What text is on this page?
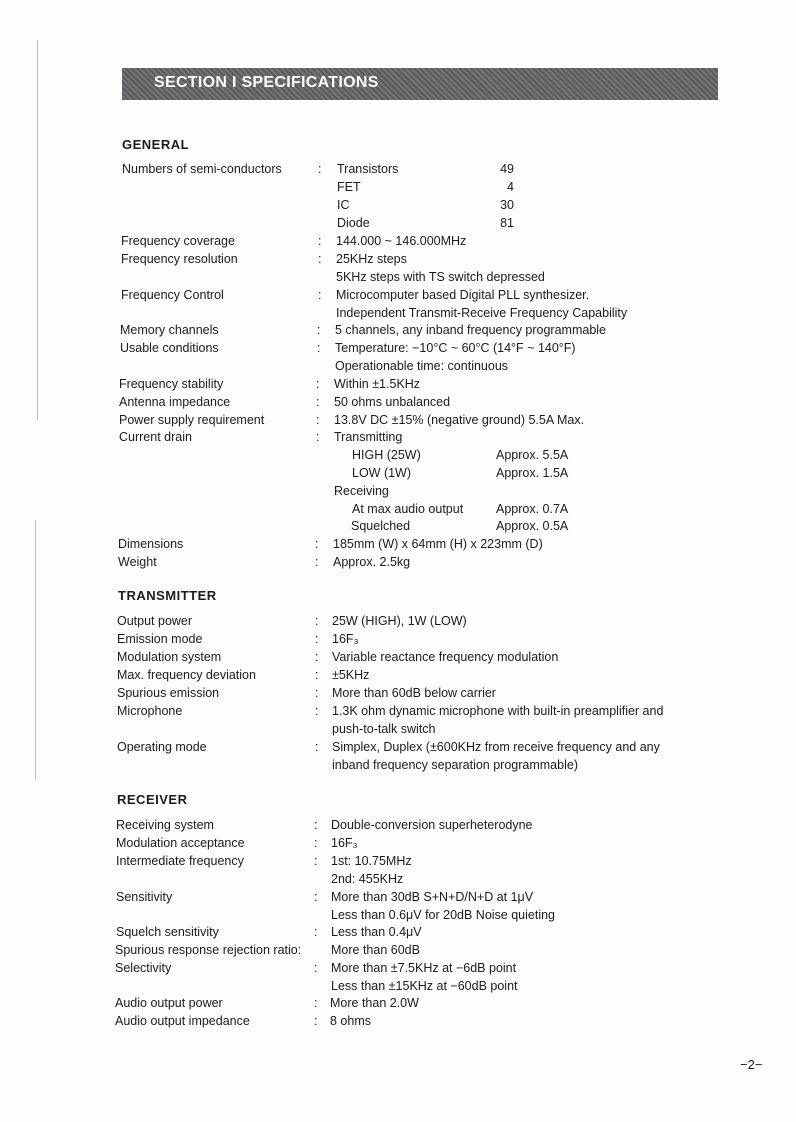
SECTION I SPECIFICATIONS
GENERAL
Numbers of semi-conductors	: Transistors	49
FET	4
IC	30
Diode	81
Frequency coverage	: 144.000 ~ 146.000MHz
Frequency resolution	: 25KHz steps
5KHz steps with TS switch depressed
Frequency Control	: Microcomputer based Digital PLL synthesizer.
Independent Transmit-Receive Frequency Capability
Memory channels	: 5 channels, any inband frequency programmable
Usable conditions	: Temperature: −10°C ~ 60°C (14°F ~ 140°F)
Operationable time: continuous
Frequency stability	: Within ±1.5KHz
Antenna impedance	: 50 ohms unbalanced
Power supply requirement	: 13.8V DC ±15% (negative ground) 5.5A Max.
Current drain	: Transmitting
HIGH (25W)	Approx. 5.5A
LOW (1W)	Approx. 1.5A
Receiving
At max audio output	Approx. 0.7A
Squelched	Approx. 0.5A
Dimensions	: 185mm (W) x 64mm (H) x 223mm (D)
Weight	: Approx. 2.5kg
TRANSMITTER
Output power	: 25W (HIGH), 1W (LOW)
Emission mode	: 16F₃
Modulation system	: Variable reactance frequency modulation
Max. frequency deviation	: ±5KHz
Spurious emission	: More than 60dB below carrier
Microphone	: 1.3K ohm dynamic microphone with built-in preamplifier and
push-to-talk switch
Operating mode	: Simplex, Duplex (±600KHz from receive frequency and any
inband frequency separation programmable)
RECEIVER
Receiving system	: Double-conversion superheterodyne
Modulation acceptance	: 16F₃
Intermediate frequency	: 1st: 10.75MHz
2nd: 455KHz
Sensitivity	: More than 30dB S+N+D/N+D at 1μV
Less than 0.6μV for 20dB Noise quieting
Squelch sensitivity	: Less than 0.4μV
Spurious response rejection ratio: More than 60dB
Selectivity	: More than ±7.5KHz at −6dB point
Less than ±15KHz at −60dB point
Audio output power	: More than 2.0W
Audio output impedance	: 8 ohms
−2−
